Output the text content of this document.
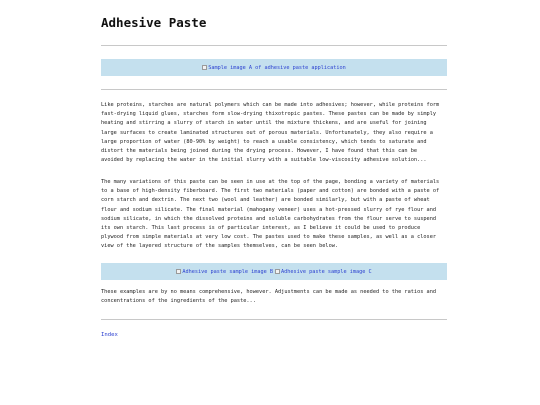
Adhesive Paste
Sample image A of adhesive paste application

Like proteins, starches are natural polymers which can be made into adhesives; however, while proteins form fast-drying liquid glues, starches form slow-drying thixotropic pastes. These pastes can be made by simply heating and stirring a slurry of starch in water until the mixture thickens, and are useful for joining large surfaces to create laminated structures out of porous materials. Unfortunately, they also require a large proportion of water (80-90% by weight) to reach a usable consistency, which tends to saturate and distort the materials being joined during the drying process. However, I have found that this can be avoided by replacing the water in the initial slurry with a suitable low-viscosity adhesive solution...

The many variations of this paste can be seen in use at the top of the page, bonding a variety of materials to a base of high-density fiberboard. The first two materials (paper and cotton) are bonded with a paste of corn starch and dextrin. The next two (wool and leather) are bonded similarly, but with a paste of wheat flour and sodium silicate. The final material (mahogany veneer) uses a hot-pressed slurry of rye flour and sodium silicate, in which the dissolved proteins and soluble carbohydrates from the flour serve to suspend its own starch. This last process is of particular interest, as I believe it could be used to produce plywood from simple materials at very low cost. The pastes used to make these samples, as well as a closer view of the layered structure of the samples themselves, can be seen below.

Adhesive paste sample image B Adhesive paste sample image C

These examples are by no means comprehensive, however. Adjustments can be made as needed to the ratios and concentrations of the ingredients of the paste...

Index
